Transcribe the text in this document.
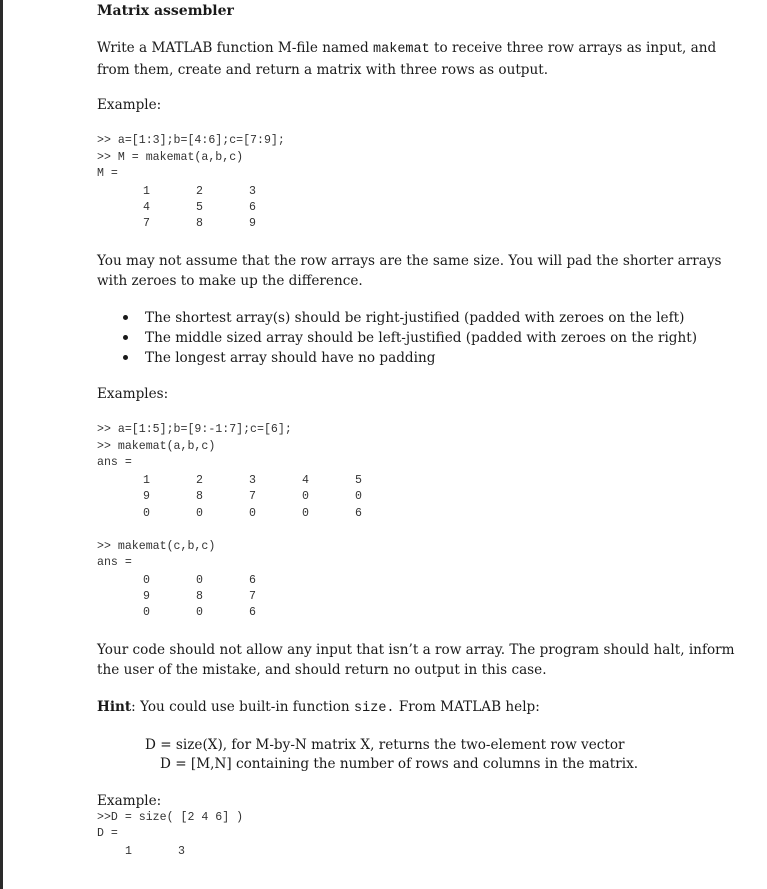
Matrix assembler
Write a MATLAB function M-file named makemat to receive three row arrays as input, and from them, create and return a matrix with three rows as output.
Example:
>> a=[1:3];b=[4:6];c=[7:9];
>> M = makemat(a,b,c)
M =
1	2	3
4	5	6
7	8	9
You may not assume that the row arrays are the same size. You will pad the shorter arrays with zeroes to make up the difference.
The shortest array(s) should be right-justified (padded with zeroes on the left)
The middle sized array should be left-justified (padded with zeroes on the right)
The longest array should have no padding
Examples:
>> a=[1:5];b=[9:-1:7];c=[6];
>> makemat(a,b,c)
ans =
1	2	3	4	5
9	8	7	0	0
0	0	0	0	6
>> makemat(c,b,c)
ans =
0	0	6
9	8	7
0	0	6
Your code should not allow any input that isn’t a row array. The program should halt, inform the user of the mistake, and should return no output in this case.
Hint: You could use built-in function size. From MATLAB help:
D = size(X), for M-by-N matrix X, returns the two-element row vector
D = [M,N] containing the number of rows and columns in the matrix.
Example:
>>D = size( [2 4 6] )
D =
1	3
